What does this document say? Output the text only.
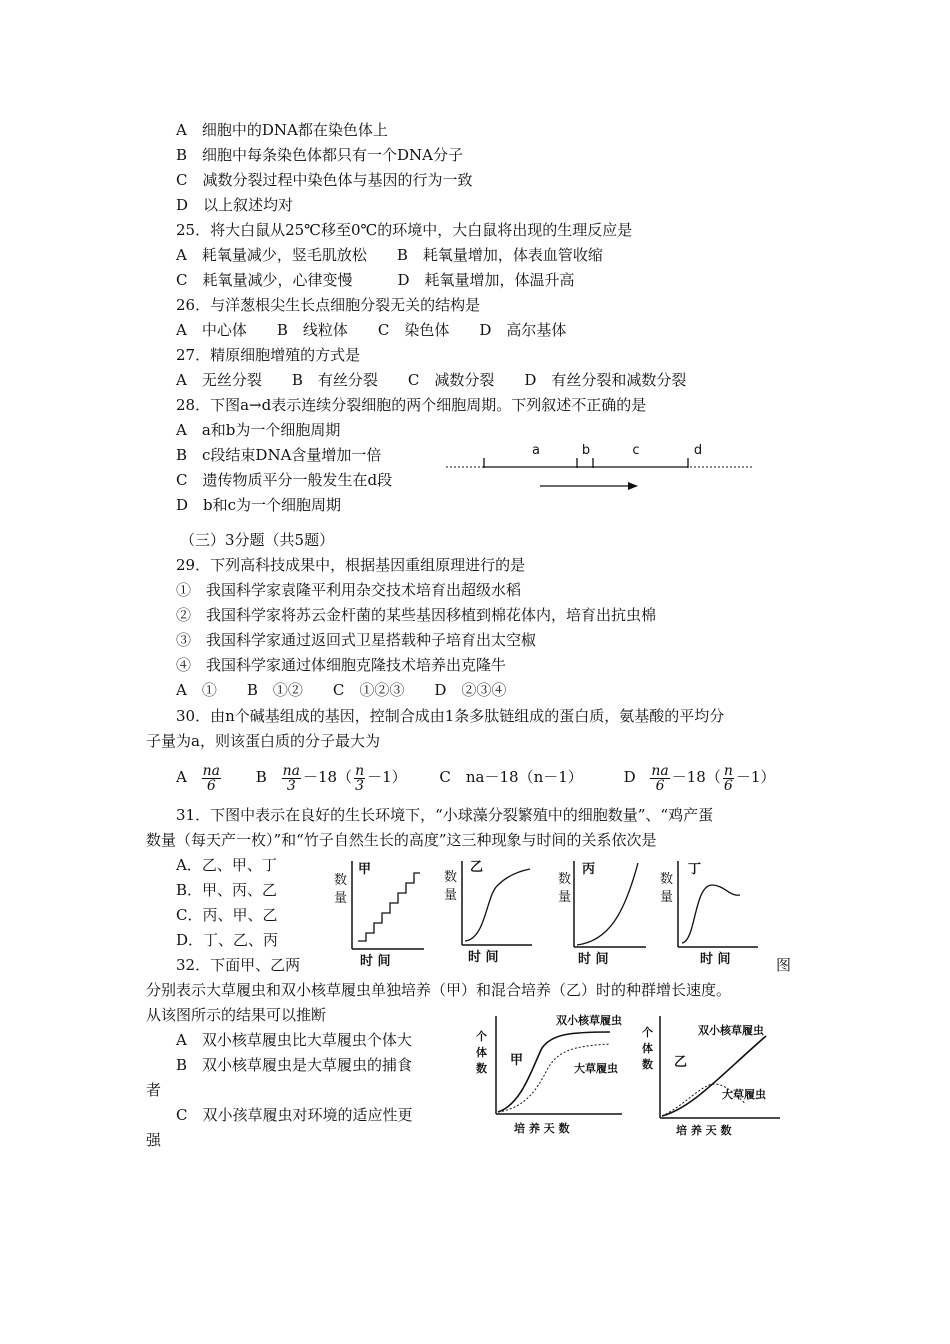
A　细胞中的DNA都在染色体上
B　细胞中每条染色体都只有一个DNA分子
C　减数分裂过程中染色体与基因的行为一致
D　以上叙述均对
25．将大白鼠从25℃移至0℃的环境中，大白鼠将出现的生理反应是
A　耗氧量减少，竖毛肌放松　　B　耗氧量增加，体表血管收缩
C　耗氧量减少，心律变慢　　　D　耗氧量增加，体温升高
26．与洋葱根尖生长点细胞分裂无关的结构是
A　中心体　　B　线粒体　　C　染色体　　D　高尔基体
27．精原细胞增殖的方式是
A　无丝分裂　　B　有丝分裂　　C　减数分裂　　D　有丝分裂和减数分裂
28．下图a→d表示连续分裂细胞的两个细胞周期。下列叙述不正确的是
A　a和b为一个细胞周期
B　c段结束DNA含量增加一倍
C　遗传物质平分一般发生在d段
D　b和c为一个细胞周期
a	b	c	d
（三）3分题（共5题）
29．下列高科技成果中，根据基因重组原理进行的是
①　我国科学家袁隆平利用杂交技术培育出超级水稻
②　我国科学家将苏云金杆菌的某些基因移植到棉花体内，培育出抗虫棉
③　我国科学家通过返回式卫星搭载种子培育出太空椒
④　我国科学家通过体细胞克隆技术培养出克隆牛
A　①　　B　①②　　C　①②③　　D　②③④
30．由n个碱基组成的基因，控制合成由1条多肽链组成的蛋白质，氨基酸的平均分
子量为a，则该蛋白质的分子最大为
A $\frac{na}{6}$ B $\frac{na}{3} -18( \frac{n}{3} -1)$ C　na－18（n－1）	D $\frac{na}{6} -18( \frac{n}{6} -1)$
31．下图中表示在良好的生长环境下，“小球藻分裂繁殖中的细胞数量”、“鸡产蛋
数量（每天产一枚）”和“竹子自然生长的高度”这三种现象与时间的关系依次是
A．乙、甲、丁
B．甲、丙、乙
C．丙、甲、乙
D．丁、乙、丙
甲
数
量
时 间
乙
数
量
时 间
丙
数
量
时 间
丁
数
量
时 间
32．下面甲、乙两	图
分别表示大草履虫和双小核草履虫单独培养（甲）和混合培养（乙）时的种群增长速度。
从该图所示的结果可以推断
A　双小核草履虫比大草履虫个体大
B　双小核草履虫是大草履虫的捕食
者
C　双小孩草履虫对环境的适应性更
强
个
体
数
甲
双小核草履虫
大草履虫
培 养 天 数
个
体
数 乙
双小核草履虫
大草履虫
培 养 天 数
